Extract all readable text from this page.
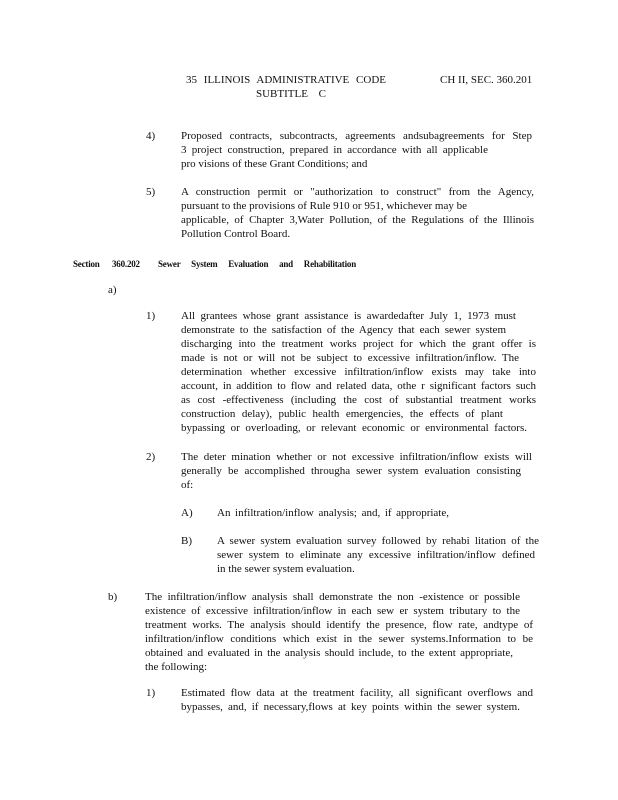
35 ILLINOIS ADMINISTRATIVE CODE	CH II, SEC. 360.201
SUBTITLE C
4) Proposed contracts, subcontracts, agreements andsubagreements for Step
3 project construction, prepared in accordance with all applicable
pro visions of these Grant Conditions; and
5) A construction permit or "authorization to construct" from the Agency,
pursuant to the provisions of Rule 910 or 951, whichever may be
applicable, of Chapter 3,Water Pollution, of the Regulations of the Illinois
Pollution Control Board.
Section 360.202 Sewer System Evaluation and Rehabilitation
a)
1) All grantees whose grant assistance is awardedafter July 1, 1973 must
demonstrate to the satisfaction of the Agency that each sewer system
discharging into the treatment works project for which the grant offer is
made is not or will not be subject to excessive infiltration/inflow. The
determination whether excessive infiltration/inflow exists may take into
account, in addition to flow and related data, othe r significant factors such
as cost -effectiveness (including the cost of substantial treatment works
construction delay), public health emergencies, the effects of plant
bypassing or overloading, or relevant economic or environmental factors.
2) The deter mination whether or not excessive infiltration/inflow exists will
generally be accomplished througha sewer system evaluation consisting
of:
A) An infiltration/inflow analysis; and, if appropriate,
B) A sewer system evaluation survey followed by rehabi litation of the
sewer system to eliminate any excessive infiltration/inflow defined
in the sewer system evaluation.
b)	The infiltration/inflow analysis shall demonstrate the non -existence or possible
existence of excessive infiltration/inflow in each sew er system tributary to the
treatment works. The analysis should identify the presence, flow rate, andtype of
infiltration/inflow conditions which exist in the sewer systems.Information to be
obtained and evaluated in the analysis should include, to the extent appropriate,
the following:
1) Estimated flow data at the treatment facility, all significant overflows and
bypasses, and, if necessary,flows at key points within the sewer system.
